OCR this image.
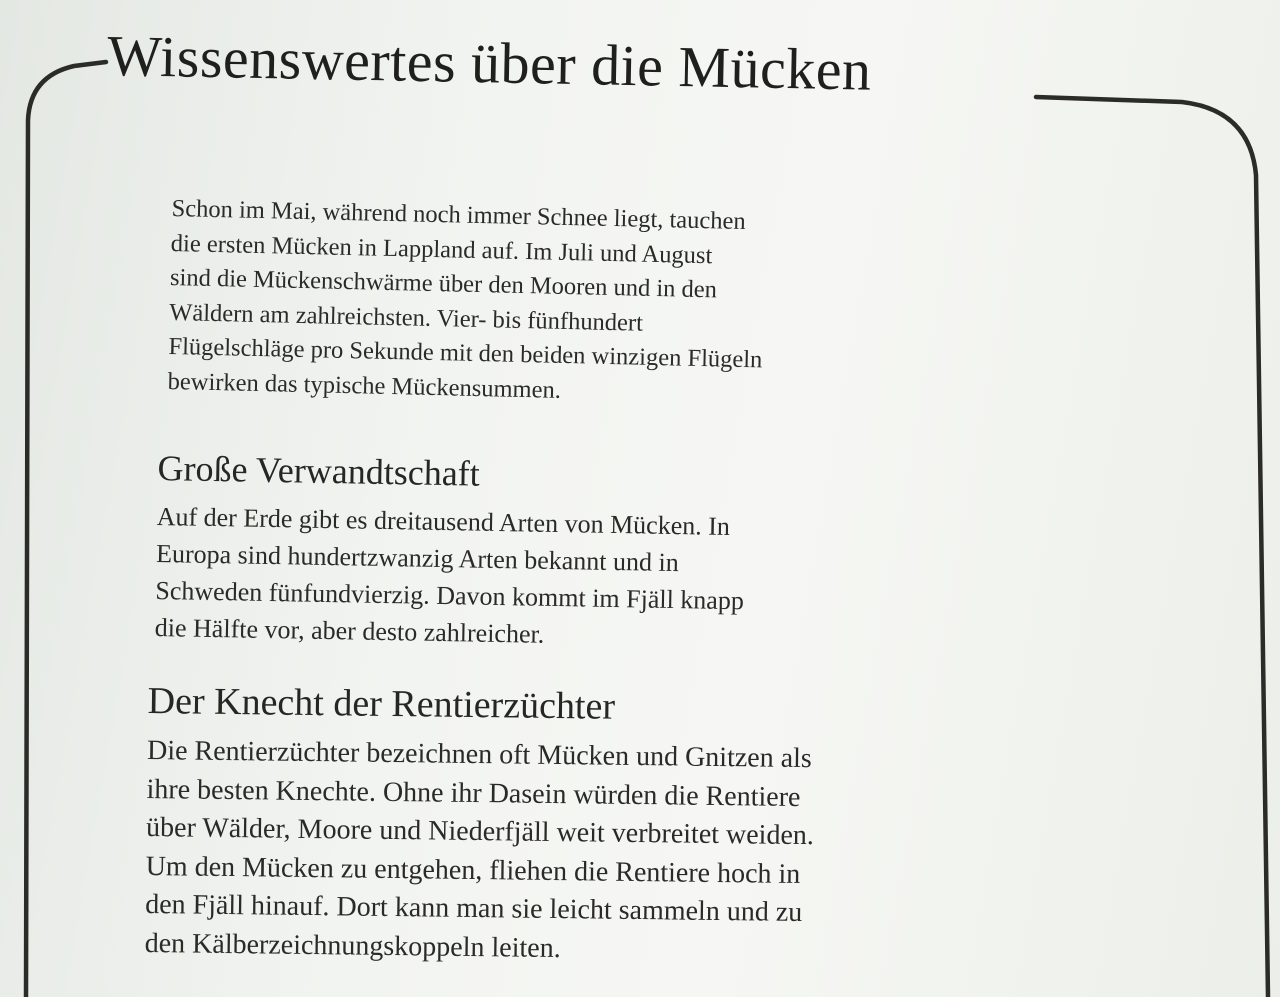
Wissenswertes über die Mücken

Schon im Mai, während noch immer Schnee liegt, tauchen
die ersten Mücken in Lappland auf. Im Juli und August
sind die Mückenschwärme über den Mooren und in den
Wäldern am zahlreichsten. Vier- bis fünfhundert
Flügelschläge pro Sekunde mit den beiden winzigen Flügeln
bewirken das typische Mückensummen.

Große Verwandtschaft

Auf der Erde gibt es dreitausend Arten von Mücken. In
Europa sind hundertzwanzig Arten bekannt und in
Schweden fünfundvierzig. Davon kommt im Fjäll knapp
die Hälfte vor, aber desto zahlreicher.

Der Knecht der Rentierzüchter

Die Rentierzüchter bezeichnen oft Mücken und Gnitzen als
ihre besten Knechte. Ohne ihr Dasein würden die Rentiere
über Wälder, Moore und Niederfjäll weit verbreitet weiden.
Um den Mücken zu entgehen, fliehen die Rentiere hoch in
den Fjäll hinauf. Dort kann man sie leicht sammeln und zu
den Kälberzeichnungskoppeln leiten.
